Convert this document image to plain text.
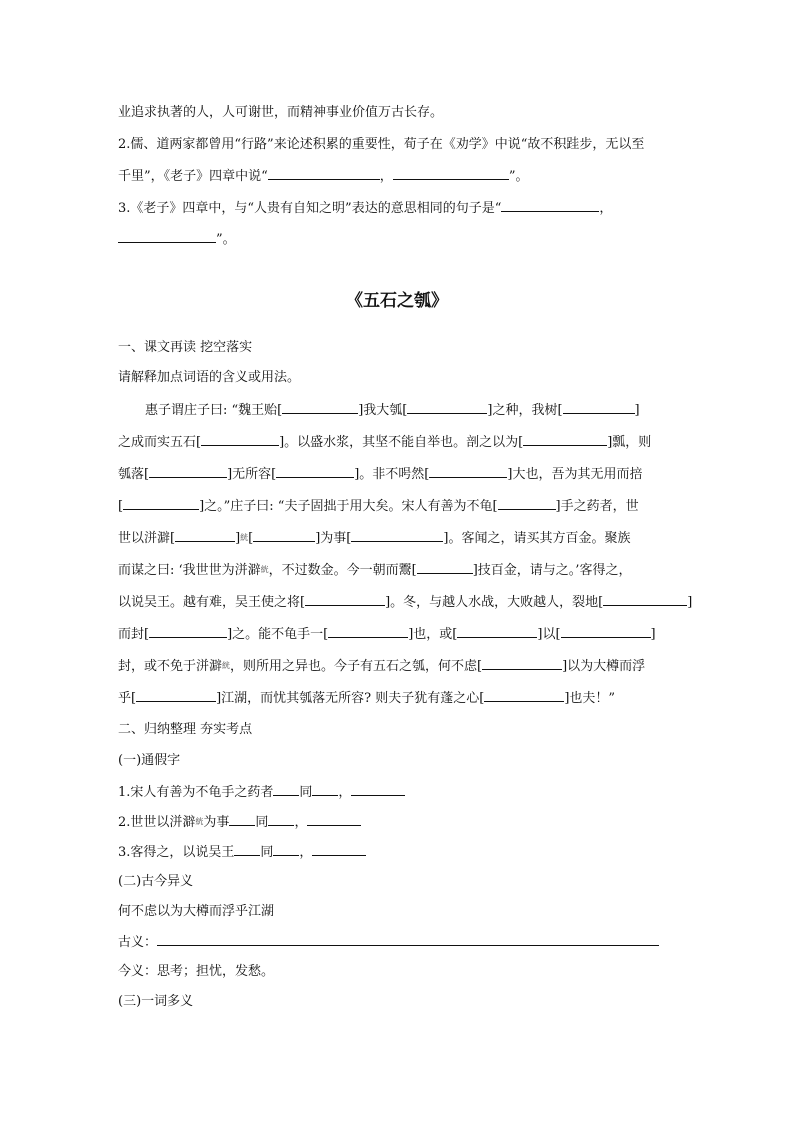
业追求执著的人，人可谢世，而精神事业价值万古长存。
2.儒、道两家都曾用“行路”来论述积累的重要性，荀子在《劝学》中说“故不积跬步，无以至
千里”，《老子》四章中说“	，	”。
3.《老子》四章中，与“人贵有自知之明”表达的意思相同的句子是“	，
”。
《五石之瓠》
一、课文再读 挖空落实
请解释加点词语的含义或用法。
惠子谓庄子曰: “魏王贻[	]我大瓠[	]之种，我树[	]
之成而实五石[	]。以盛水浆，其坚不能自举也。剖之以为[	]瓢，则
瓠落[	]无所容[	]。非不呺然[	]大也，吾为其无用而掊
[	]之。”庄子曰: “夫子固拙于用大矣。宋人有善为不龟[	]手之药者，世
世以洴澼[	]$^絖$[	]为事[	]。客闻之，请买其方百金。聚族
而谋之曰: ‘我世世为洴澼$^絖$，不过数金。今一朝而鬻[	]技百金，请与之。’客得之，
以说吴王。越有难，吴王使之将[	]。冬，与越人水战，大败越人，裂地[	]
而封[	]之。能不龟手一[	]也，或[	]以[	]
封，或不免于洴澼$^絖$，则所用之异也。今子有五石之瓠，何不虑[	]以为大樽而浮
乎[	]江湖，而忧其瓠落无所容? 则夫子犹有蓬之心[	]也夫！”
二、归纳整理 夯实考点
(一)通假字
1.宋人有善为不龟手之药者 同 ，
2.世世以洴澼$^絖$为事 同 ，
3.客得之，以说吴王 同 ，
(二)古今异义
何不虑以为大樽而浮乎江湖
古义：
今义：思考；担忧，发愁。
(三)一词多义
